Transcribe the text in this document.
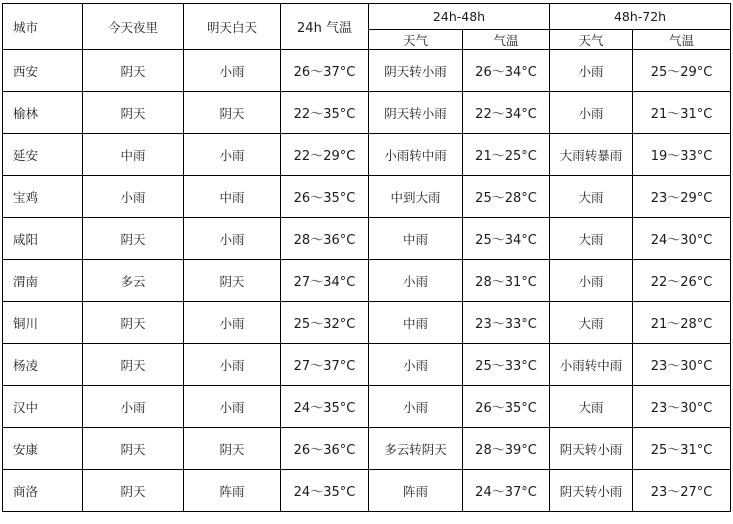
城市	今天夜里	明天白天	24h 气温	24h-48h		48h-72h	
				天气	气温	天气	气温
西安	阴天	小雨	26～37°C	阴天转小雨	26～34°C	小雨	25～29°C
榆林	阴天	阴天	22～35°C	阴天转小雨	22～34°C	小雨	21～31°C
延安	中雨	小雨	22～29°C	小雨转中雨	21～25°C	大雨转暴雨	19～33°C
宝鸡	小雨	中雨	26～35°C	中到大雨	25～28°C	大雨	23～29°C
咸阳	阴天	小雨	28～36°C	中雨	25～34°C	大雨	24～30°C
渭南	多云	阴天	27～34°C	小雨	28～31°C	小雨	22～26°C
铜川	阴天	小雨	25～32°C	中雨	23～33°C	大雨	21～28°C
杨凌	阴天	小雨	27～37°C	小雨	25～33°C	小雨转中雨	23～30°C
汉中	小雨	小雨	24～35°C	小雨	26～35°C	大雨	23～30°C
安康	阴天	阴天	26～36°C	多云转阴天	28～39°C	阴天转小雨	25～31°C
商洛	阴天	阵雨	24～35°C	阵雨	24～37°C	阴天转小雨	23～27°C
